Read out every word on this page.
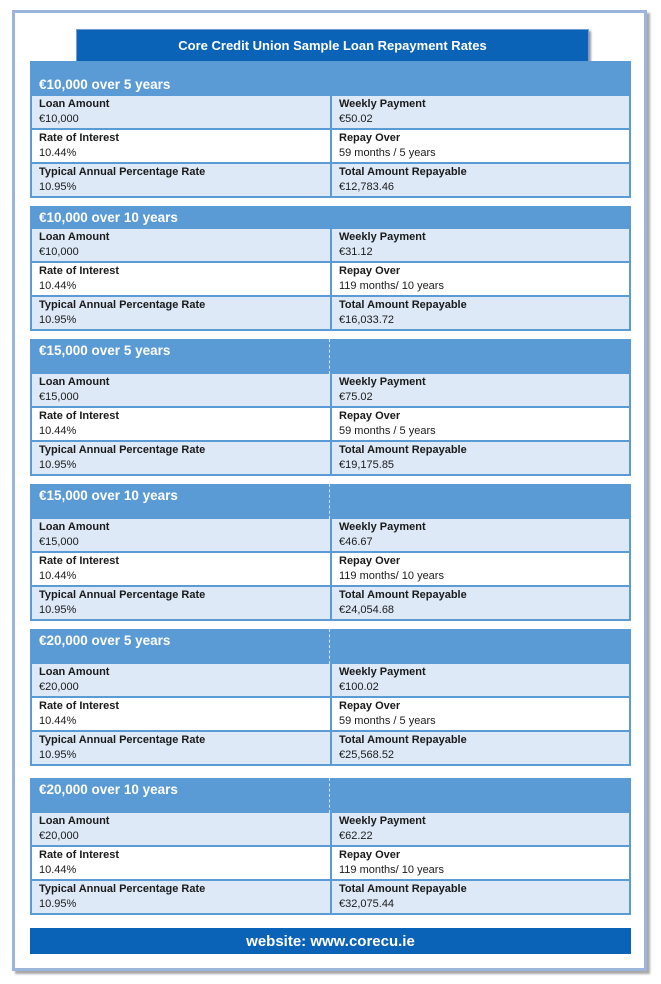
Core Credit Union Sample Loan Repayment Rates
€10,000 over 5 years
Loan Amount
€10,000
Weekly Payment
€50.02
Rate of Interest
10.44%
Repay Over
59 months / 5 years
Typical Annual Percentage Rate
10.95%
Total Amount Repayable
€12,783.46
€10,000 over 10 years
Loan Amount
€10,000
Weekly Payment
€31.12
Rate of Interest
10.44%
Repay Over
119 months/ 10 years
Typical Annual Percentage Rate
10.95%
Total Amount Repayable
€16,033.72
€15,000 over 5 years
Loan Amount
€15,000
Weekly Payment
€75.02
Rate of Interest
10.44%
Repay Over
59 months / 5 years
Typical Annual Percentage Rate
10.95%
Total Amount Repayable
€19,175.85
€15,000 over 10 years
Loan Amount
€15,000
Weekly Payment
€46.67
Rate of Interest
10.44%
Repay Over
119 months/ 10 years
Typical Annual Percentage Rate
10.95%
Total Amount Repayable
€24,054.68
€20,000 over 5 years
Loan Amount
€20,000
Weekly Payment
€100.02
Rate of Interest
10.44%
Repay Over
59 months / 5 years
Typical Annual Percentage Rate
10.95%
Total Amount Repayable
€25,568.52
€20,000 over 10 years
Loan Amount
€20,000
Weekly Payment
€62.22
Rate of Interest
10.44%
Repay Over
119 months/ 10 years
Typical Annual Percentage Rate
10.95%
Total Amount Repayable
€32,075.44
website: www.corecu.ie
